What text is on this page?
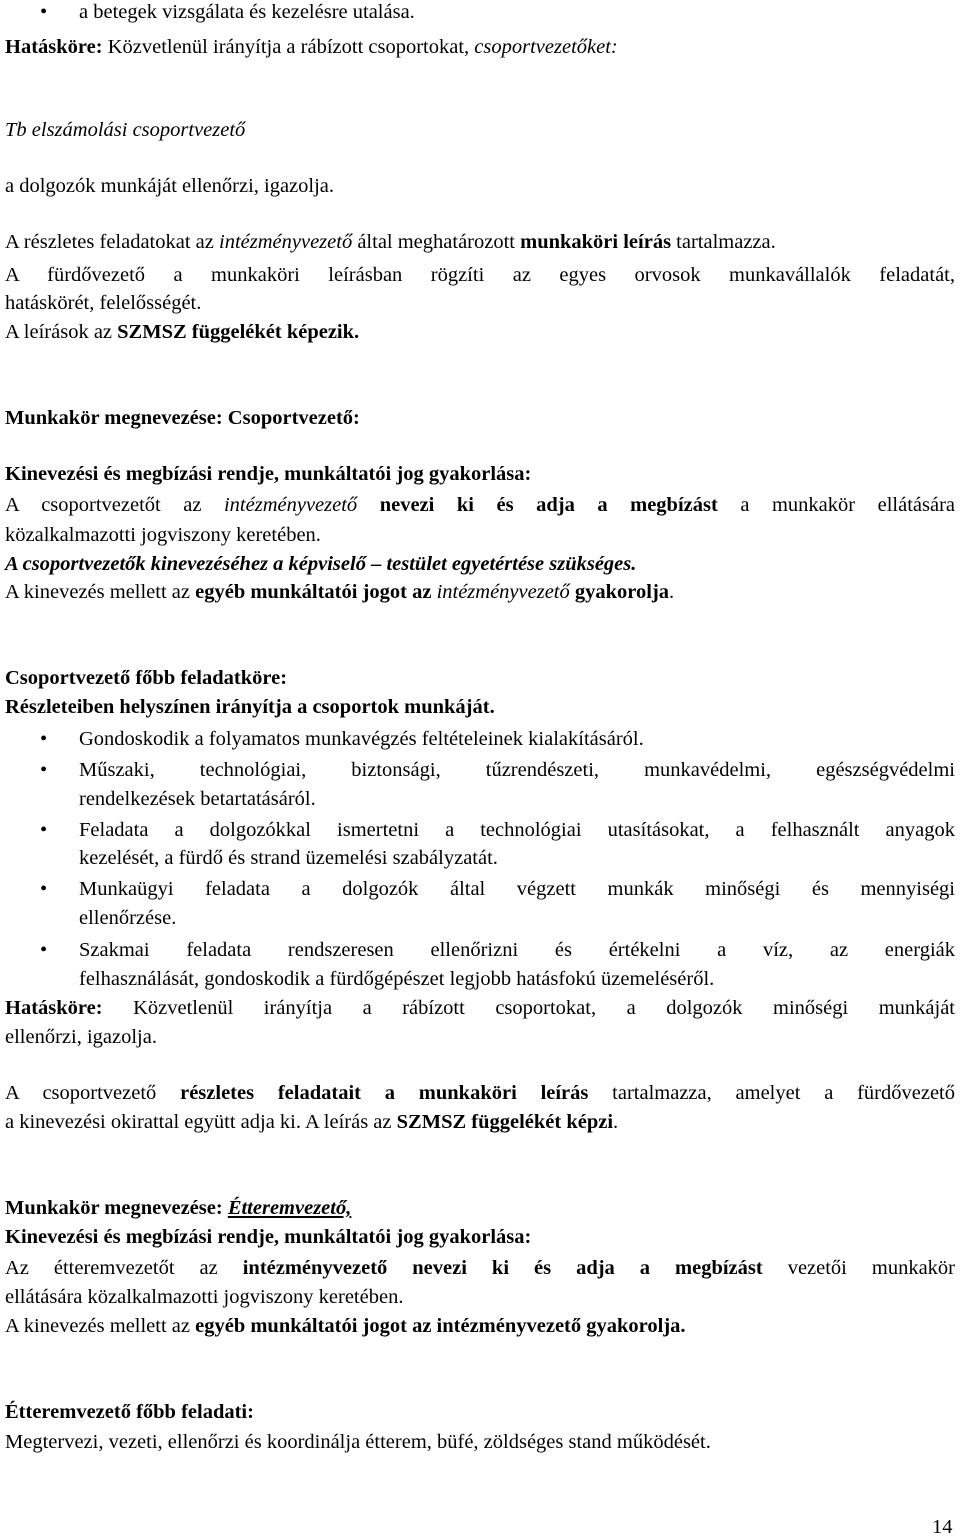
• a betegek vizsgálata és kezelésre utalása.
Hatásköre: Közvetlenül irányítja a rábízott csoportokat, csoportvezetőket:
Tb elszámolási csoportvezető
a dolgozók munkáját ellenőrzi, igazolja.
A részletes feladatokat az intézményvezető által meghatározott munkaköri leírás tartalmazza.
A fürdővezető a munkaköri leírásban rögzíti az egyes orvosok munkavállalók feladatát,
hatáskörét, felelősségét.
A leírások az SZMSZ függelékét képezik.
Munkakör megnevezése: Csoportvezető:
Kinevezési és megbízási rendje, munkáltatói jog gyakorlása:
A csoportvezetőt az intézményvezető nevezi ki és adja a megbízást a munkakör ellátására
közalkalmazotti jogviszony keretében.
A csoportvezetők kinevezéséhez a képviselő – testület egyetértése szükséges.
A kinevezés mellett az egyéb munkáltatói jogot az intézményvezető gyakorolja.
Csoportvezető főbb feladatköre:
Részleteiben helyszínen irányítja a csoportok munkáját.
• Gondoskodik a folyamatos munkavégzés feltételeinek kialakításáról.
• Műszaki, technológiai, biztonsági, tűzrendészeti, munkavédelmi, egészségvédelmi
rendelkezések betartatásáról.
• Feladata a dolgozókkal ismertetni a technológiai utasításokat, a felhasznált anyagok
kezelését, a fürdő és strand üzemelési szabályzatát.
• Munkaügyi feladata a dolgozók által végzett munkák minőségi és mennyiségi
ellenőrzése.
• Szakmai feladata rendszeresen ellenőrizni és értékelni a víz, az energiák
felhasználását, gondoskodik a fürdőgépészet legjobb hatásfokú üzemeléséről.
Hatásköre: Közvetlenül irányítja a rábízott csoportokat, a dolgozók minőségi munkáját
ellenőrzi, igazolja.
A csoportvezető részletes feladatait a munkaköri leírás tartalmazza, amelyet a fürdővezető
a kinevezési okirattal együtt adja ki. A leírás az SZMSZ függelékét képzi.
Munkakör megnevezése: Étteremvezető,
Kinevezési és megbízási rendje, munkáltatói jog gyakorlása:
Az étteremvezetőt az intézményvezető nevezi ki és adja a megbízást vezetői munkakör
ellátására közalkalmazotti jogviszony keretében.
A kinevezés mellett az egyéb munkáltatói jogot az intézményvezető gyakorolja.
Étteremvezető főbb feladati:
Megtervezi, vezeti, ellenőrzi és koordinálja étterem, büfé, zöldséges stand működését.
14
